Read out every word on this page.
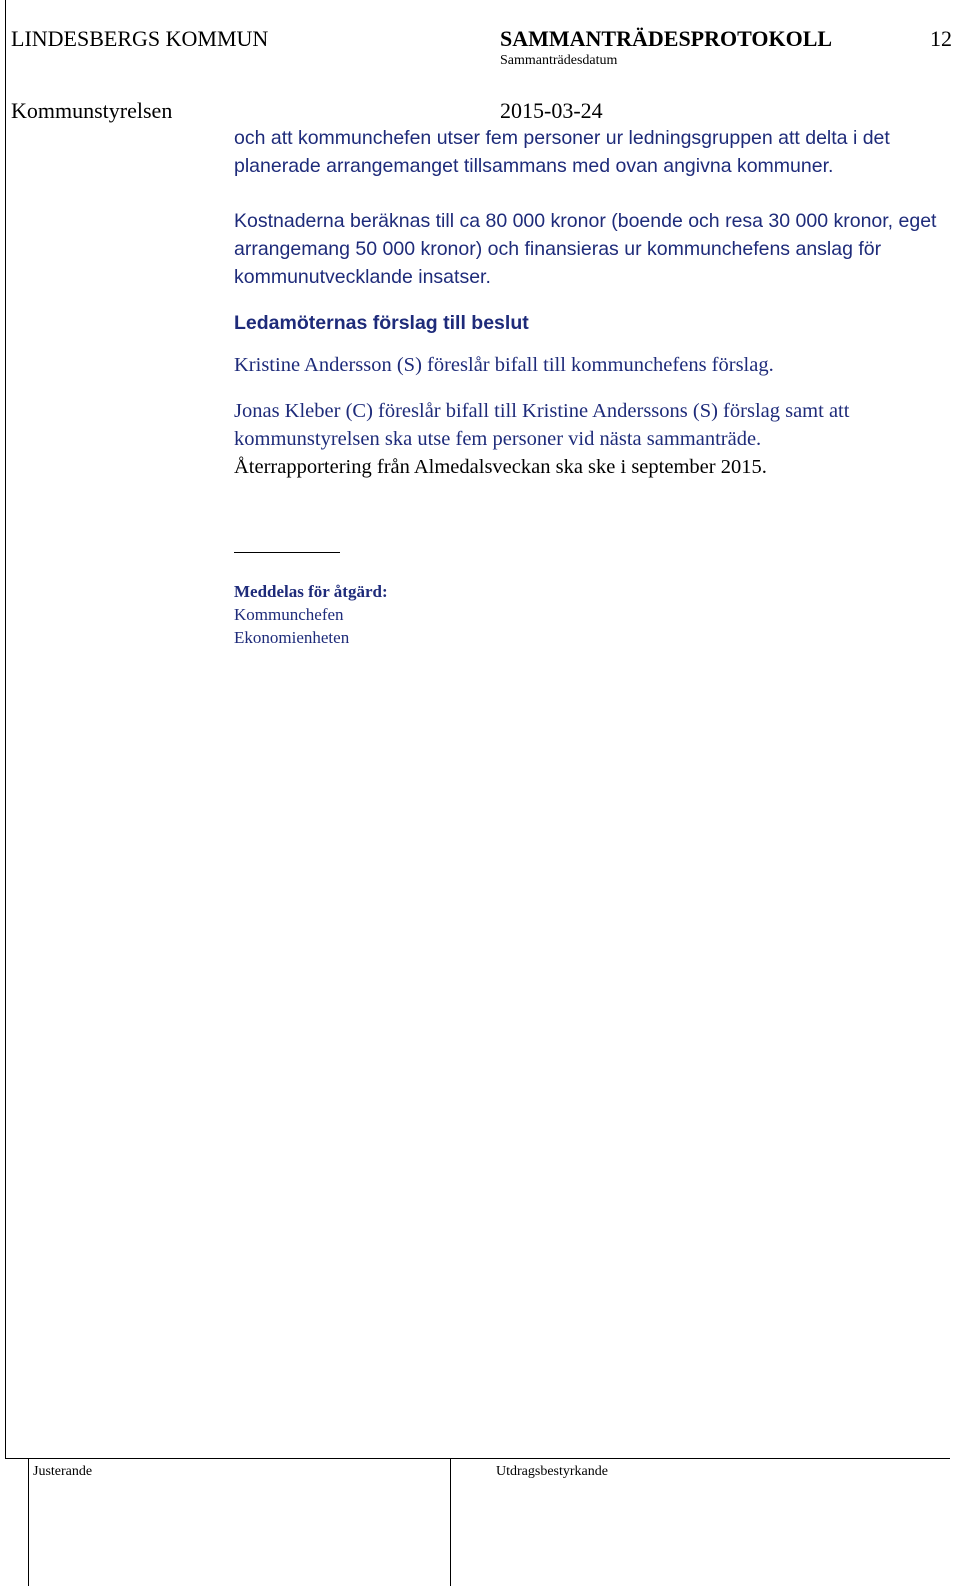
LINDESBERGS KOMMUN	SAMMANTRÄDESPROTOKOLL	12
Sammanträdesdatum
Kommunstyrelsen	2015-03-24

och att kommunchefen utser fem personer ur ledningsgruppen att delta i det planerade arrangemanget tillsammans med ovan angivna kommuner.

Kostnaderna beräknas till ca 80 000 kronor (boende och resa 30 000 kronor, eget arrangemang 50 000 kronor) och finansieras ur kommunchefens anslag för kommunutvecklande insatser.

Ledamöternas förslag till beslut

Kristine Andersson (S) föreslår bifall till kommunchefens förslag.

Jonas Kleber (C) föreslår bifall till Kristine Anderssons (S) förslag samt att

kommunstyrelsen ska utse fem personer vid nästa sammanträde.

Återrapportering från Almedalsveckan ska ske i september 2015.

Meddelas för åtgärd:
Kommunchefen
Ekonomienheten
Justerande	Utdragsbestyrkande
